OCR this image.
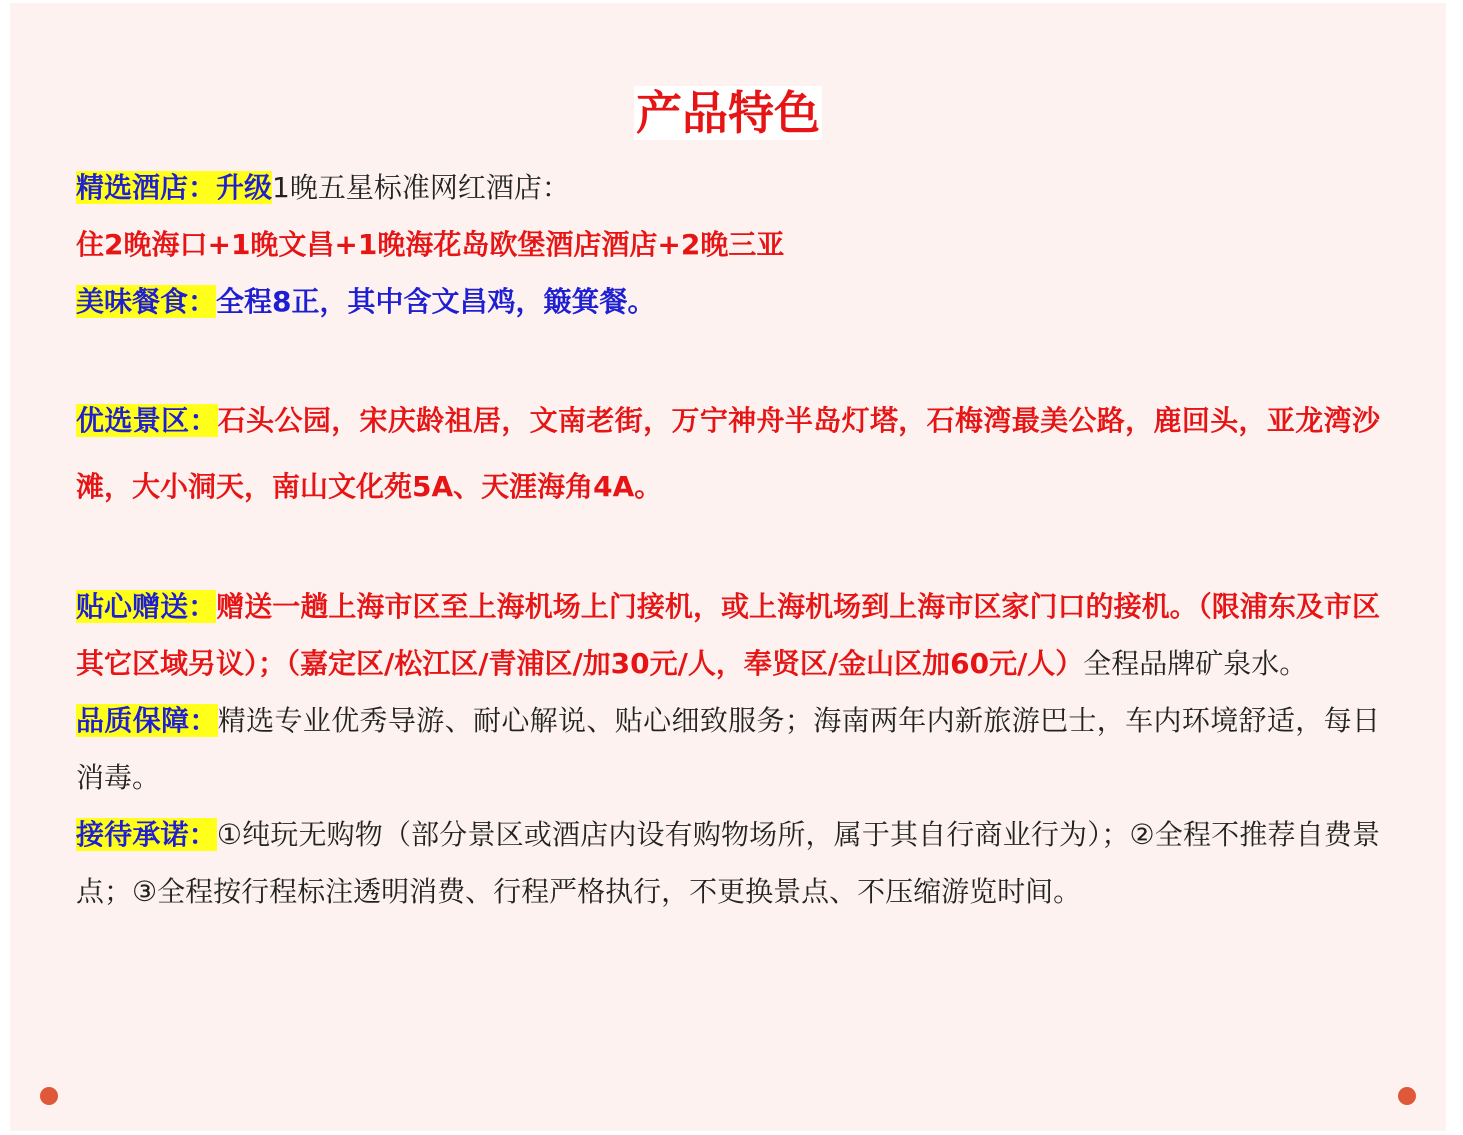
产品特色
精选酒店：升级1晚五星标准网红酒店：
住2晚海口+1晚文昌+1晚海花岛欧堡酒店酒店+2晚三亚
美味餐食：全程8正，其中含文昌鸡，簸箕餐。
优选景区：石头公园，宋庆龄祖居，文南老街，万宁神舟半岛灯塔，石梅湾最美公路，鹿回头，亚龙湾沙滩，大小洞天，南山文化苑5A、天涯海角4A。
贴心赠送：赠送一趟上海市区至上海机场上门接机，或上海机场到上海市区家门口的接机。（限浦东及市区其它区域另议）；（嘉定区/松江区/青浦区/加30元/人，奉贤区/金山区加60元/人）全程品牌矿泉水。
品质保障：精选专业优秀导游、耐心解说、贴心细致服务；海南两年内新旅游巴士，车内环境舒适，每日消毒。
接待承诺：①纯玩无购物（部分景区或酒店内设有购物场所，属于其自行商业行为）；②全程不推荐自费景点；③全程按行程标注透明消费、行程严格执行，不更换景点、不压缩游览时间。
